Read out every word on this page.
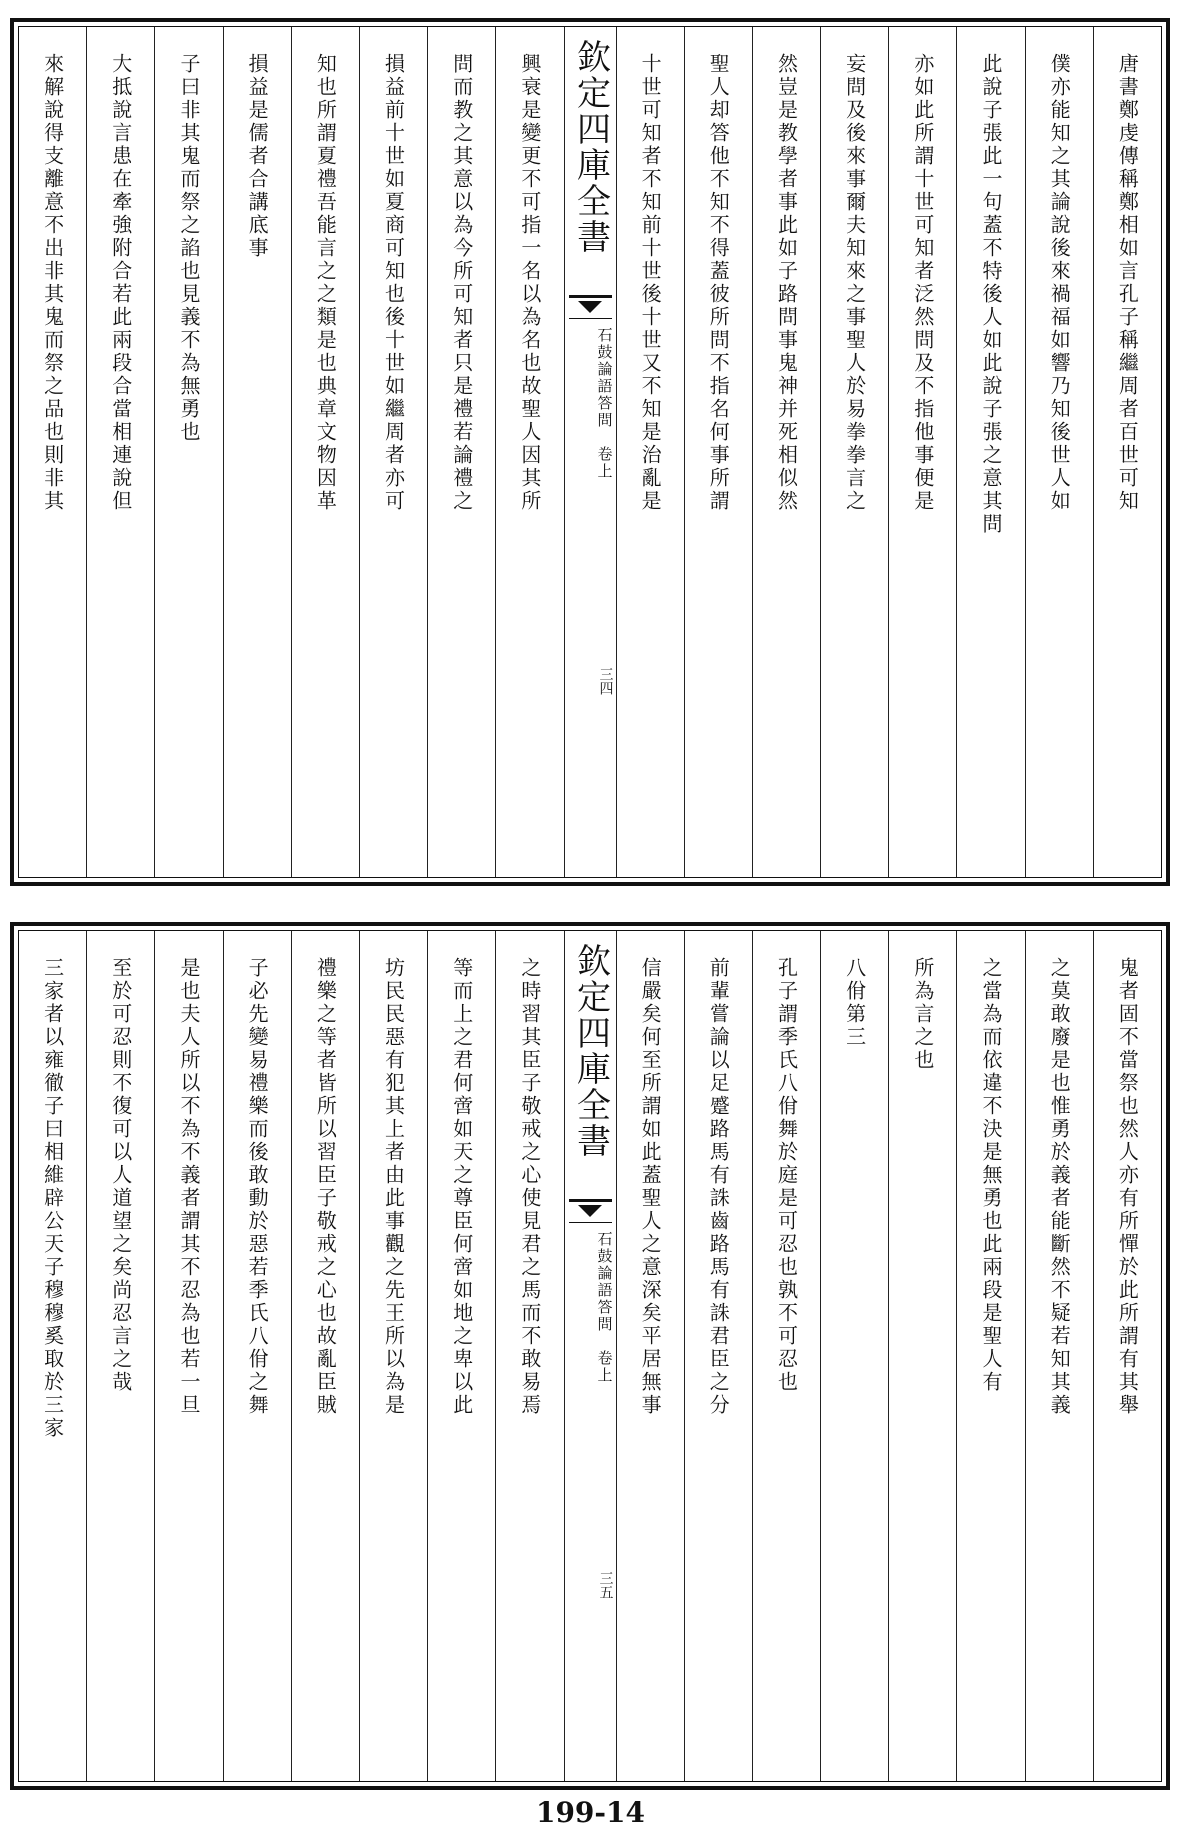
唐書鄭虔傳稱鄭相如言孔子稱繼周者百世可知
僕亦能知之其論說後來禍福如響乃知後世人如
此說子張此一句蓋不特後人如此說子張之意其問
亦如此所謂十世可知者泛然問及不指他事便是
妄問及後來事爾夫知來之事聖人於易拳拳言之
然豈是教學者事此如子路問事鬼神并死相似然
聖人却答他不知不得蓋彼所問不指名何事所謂
十世可知者不知前十世後十世又不知是治亂是
欽定四庫全書
石鼓論語答問

卷上
三四
興衰是變更不可指一名以為名也故聖人因其所
問而教之其意以為今所可知者只是禮若論禮之
損益前十世如夏商可知也後十世如繼周者亦可
知也所謂夏禮吾能言之之類是也典章文物因革
損益是儒者合講底事
子曰非其鬼而祭之諂也見義不為無勇也
大抵說言患在牽強附合若此兩段合當相連說但
來解說得支離意不出非其鬼而祭之品也則非其
鬼者固不當祭也然人亦有所憚於此所謂有其舉
之莫敢廢是也惟勇於義者能斷然不疑若知其義
之當為而依違不決是無勇也此兩段是聖人有
所為言之也
八佾第三
孔子謂季氏八佾舞於庭是可忍也孰不可忍也
前輩嘗論以足蹙路馬有誅齒路馬有誅君臣之分
信嚴矣何至所謂如此蓋聖人之意深矣平居無事
欽定四庫全書
石鼓論語答問

卷上
三五
之時習其臣子敬戒之心使見君之馬而不敢易焉
等而上之君何啻如天之尊臣何啻如地之卑以此
坊民民惡有犯其上者由此事觀之先王所以為是
禮樂之等者皆所以習臣子敬戒之心也故亂臣賊
子必先變易禮樂而後敢動於惡若季氏八佾之舞
是也夫人所以不為不義者謂其不忍為也若一旦
至於可忍則不復可以人道望之矣尚忍言之哉
三家者以雍徹子曰相維辟公天子穆穆奚取於三家
199-14
